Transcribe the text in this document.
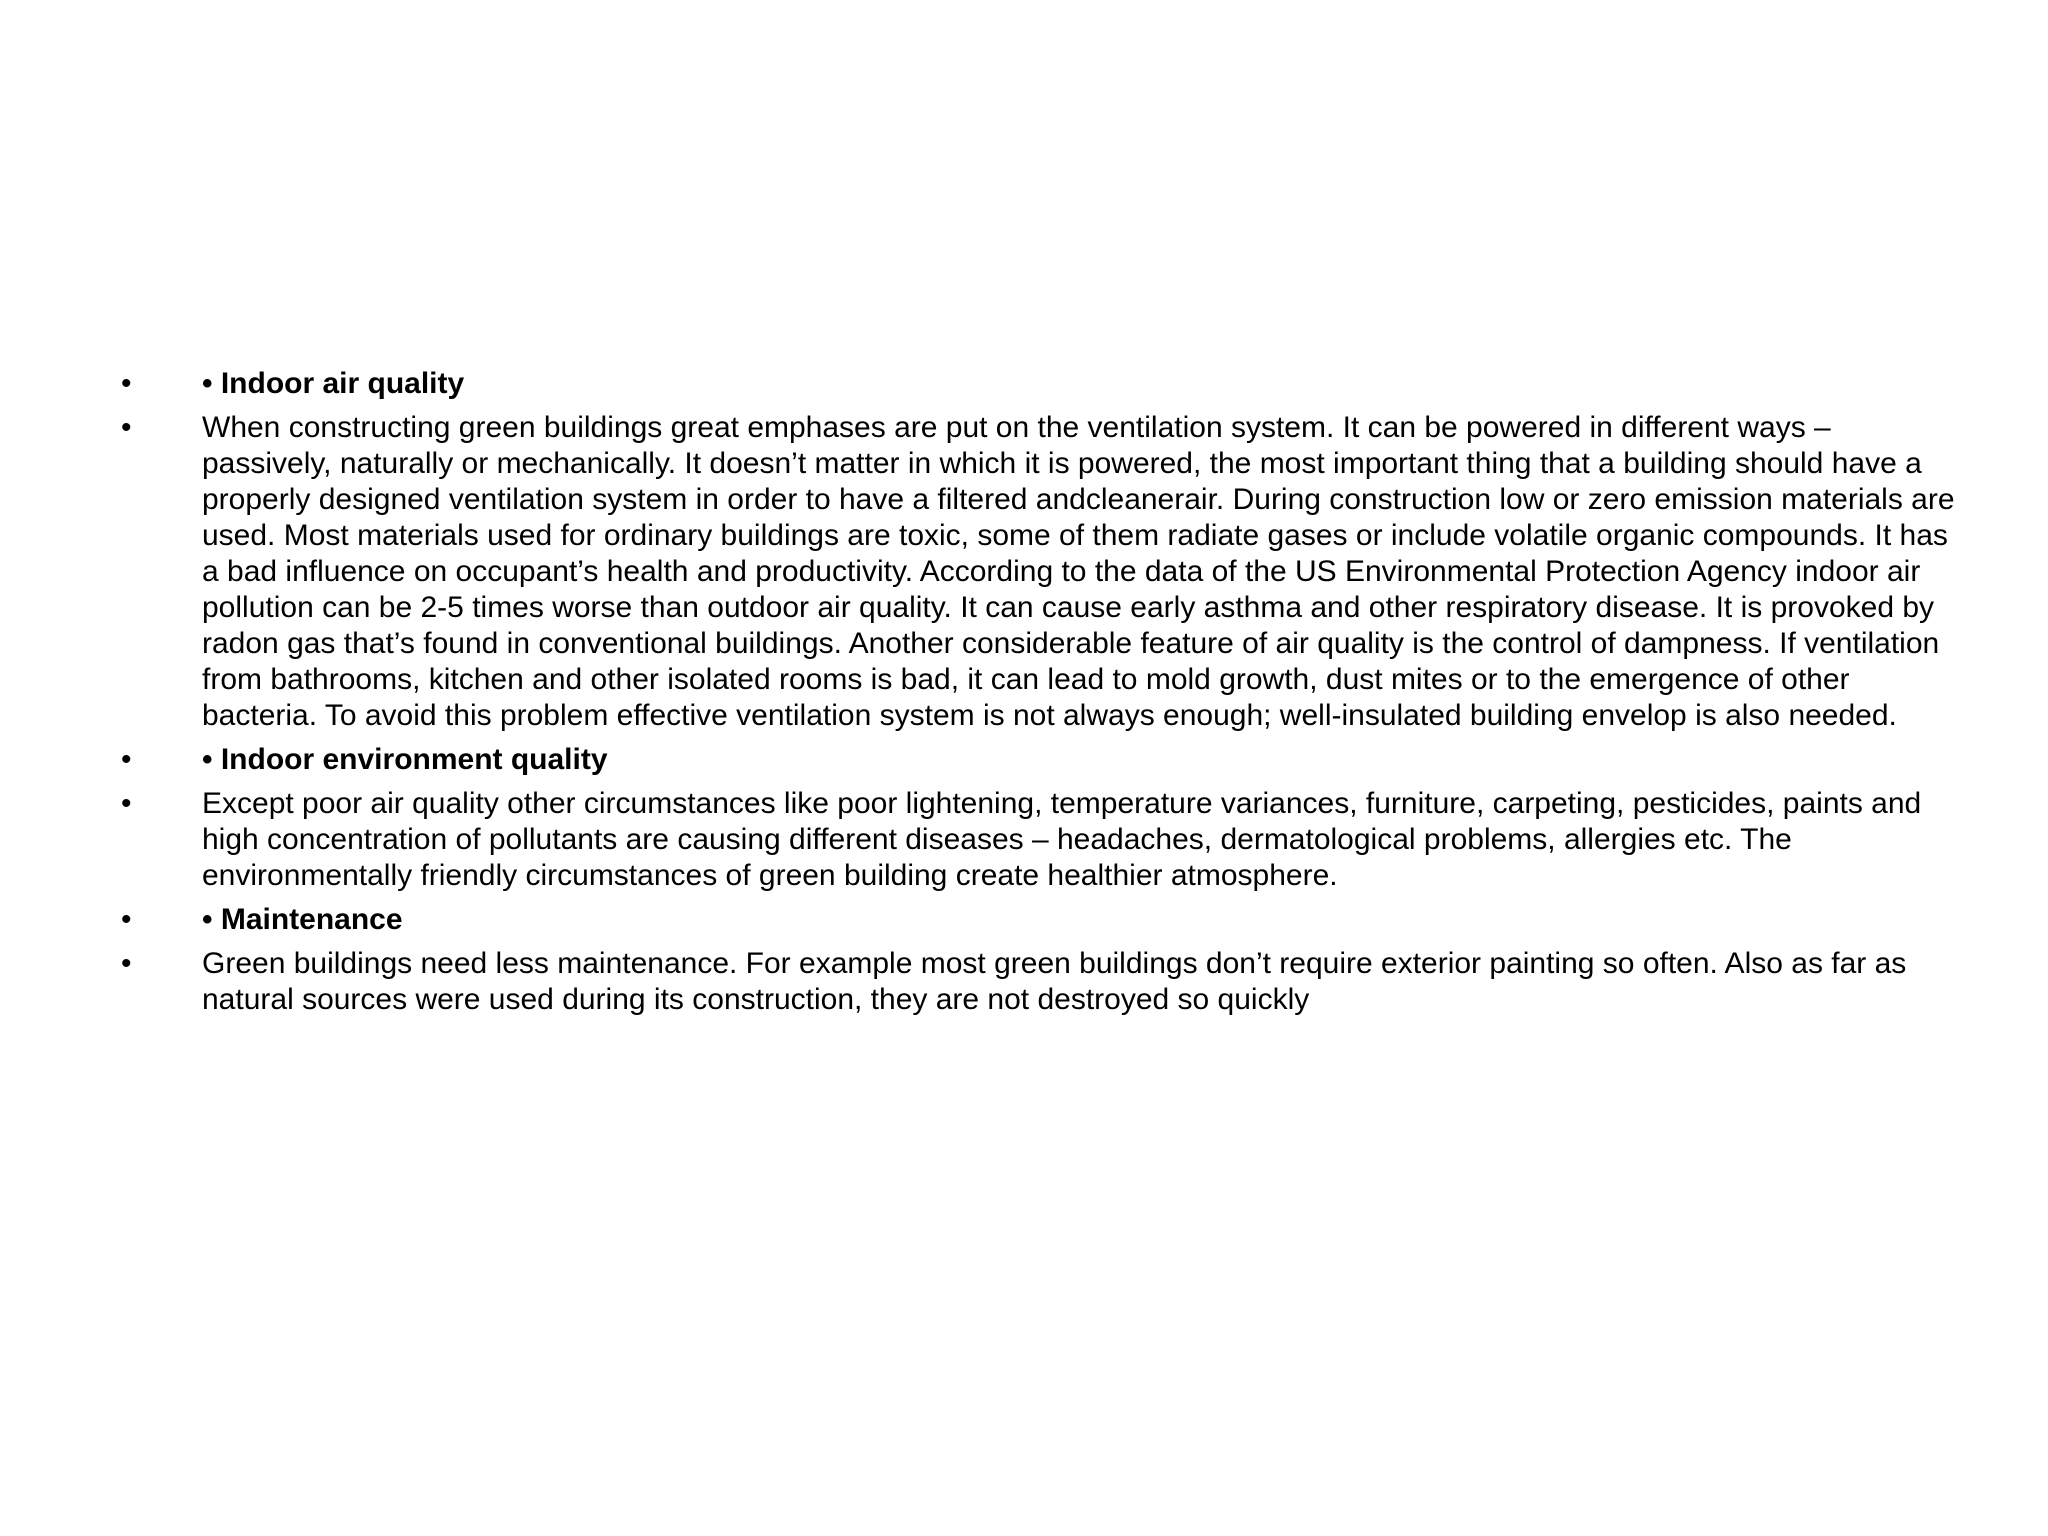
• • Indoor air quality
• When constructing green buildings great emphases are put on the ventilation system. It can be powered in different ways – passively, naturally or mechanically. It doesn’t matter in which it is powered, the most important thing that a building should have a properly designed ventilation system in order to have a filtered andcleanerair. During construction low or zero emission materials are used. Most materials used for ordinary buildings are toxic, some of them radiate gases or include volatile organic compounds. It has a bad influence on occupant’s health and productivity. According to the data of the US Environmental Protection Agency indoor air pollution can be 2-5 times worse than outdoor air quality. It can cause early asthma and other respiratory disease. It is provoked by radon gas that’s found in conventional buildings. Another considerable feature of air quality is the control of dampness. If ventilation from bathrooms, kitchen and other isolated rooms is bad, it can lead to mold growth, dust mites or to the emergence of other bacteria. To avoid this problem effective ventilation system is not always enough; well-insulated building envelop is also needed.
• • Indoor environment quality
• Except poor air quality other circumstances like poor lightening, temperature variances, furniture, carpeting, pesticides, paints and high concentration of pollutants are causing different diseases – headaches, dermatological problems, allergies etc. The environmentally friendly circumstances of green building create healthier atmosphere.
• • Maintenance
• Green buildings need less maintenance. For example most green buildings don’t require exterior painting so often. Also as far as natural sources were used during its construction, they are not destroyed so quickly
